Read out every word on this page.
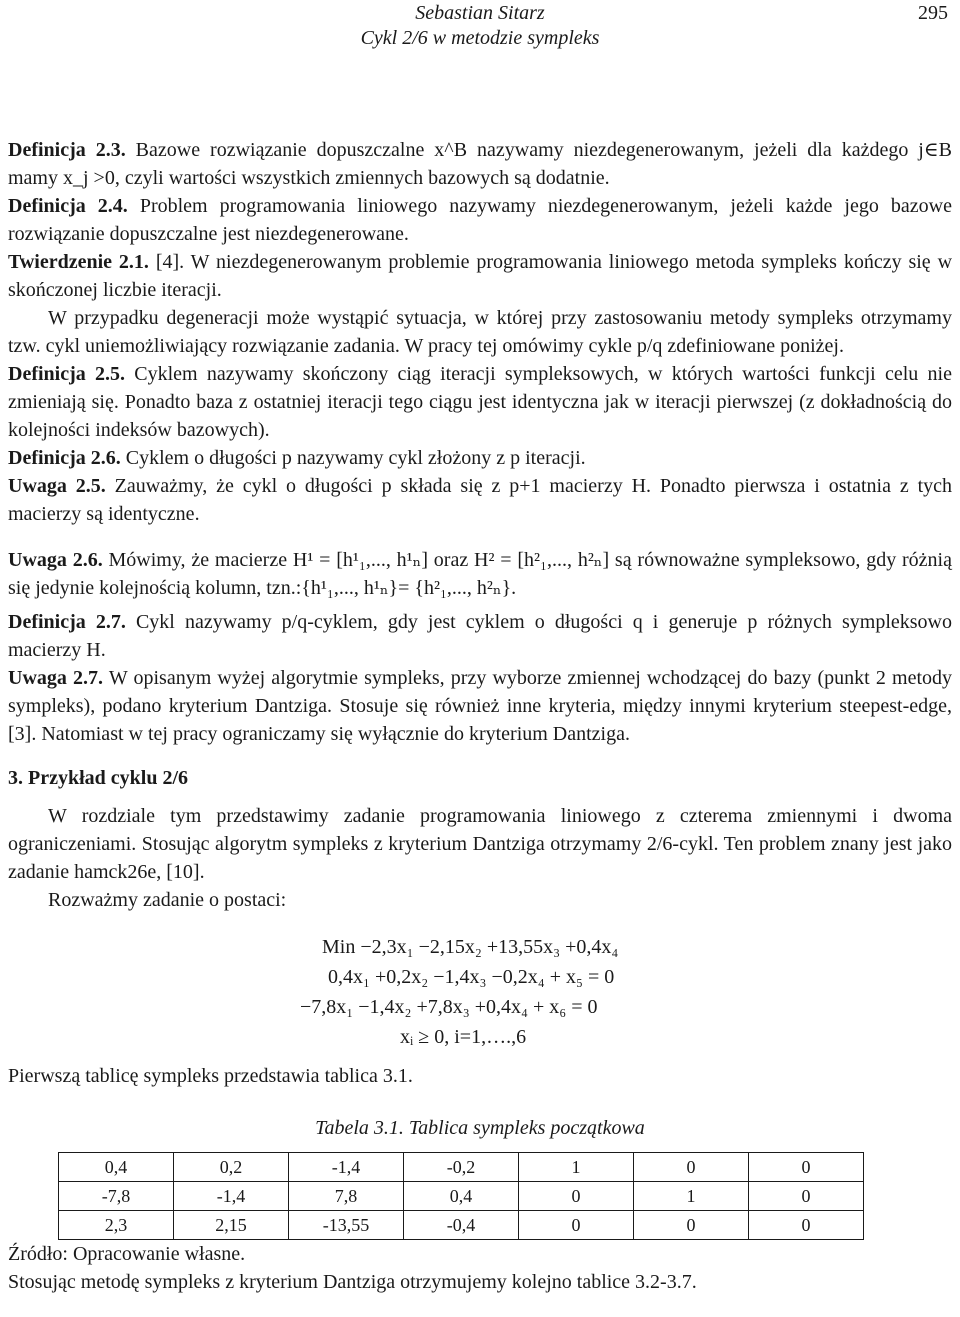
Sebastian Sitarz
Cykl 2/6 w metodzie sympleks
295

Definicja 2.3. Bazowe rozwiązanie dopuszczalne x^B nazywamy niezdegenerowanym, jeżeli dla każdego j∈B mamy x_j >0, czyli wartości wszystkich zmiennych bazowych są dodatnie.

Definicja 2.4. Problem programowania liniowego nazywamy niezdegenerowanym, jeżeli każde jego bazowe rozwiązanie dopuszczalne jest niezdegenerowane.

Twierdzenie 2.1. [4]. W niezdegenerowanym problemie programowania liniowego metoda sympleks kończy się w skończonej liczbie iteracji.

W przypadku degeneracji może wystąpić sytuacja, w której przy zastosowaniu metody sympleks otrzymamy tzw. cykl uniemożliwiający rozwiązanie zadania. W pracy tej omówimy cykle p/q zdefiniowane poniżej.

Definicja 2.5. Cyklem nazywamy skończony ciąg iteracji sympleksowych, w których wartości funkcji celu nie zmieniają się. Ponadto baza z ostatniej iteracji tego ciągu jest identyczna jak w iteracji pierwszej (z dokładnością do kolejności indeksów bazowych).

Definicja 2.6. Cyklem o długości p nazywamy cykl złożony z p iteracji.

Uwaga 2.5. Zauważmy, że cykl o długości p składa się z p+1 macierzy H. Ponadto pierwsza i ostatnia z tych macierzy są identyczne.

Uwaga 2.6. Mówimy, że macierze H¹ = [h¹₁,..., h¹ₙ] oraz H² = [h²₁,..., h²ₙ] są równoważne sympleksowo, gdy różnią się jedynie kolejnością kolumn, tzn.:{h¹₁,..., h¹ₙ}= {h²₁,..., h²ₙ}.

Definicja 2.7. Cykl nazywamy p/q-cyklem, gdy jest cyklem o długości q i generuje p różnych sympleksowo macierzy H.

Uwaga 2.7. W opisanym wyżej algorytmie sympleks, przy wyborze zmiennej wchodzącej do bazy (punkt 2 metody sympleks), podano kryterium Dantziga. Stosuje się również inne kryteria, między innymi kryterium steepest-edge, [3]. Natomiast w tej pracy ograniczamy się wyłącznie do kryterium Dantziga.

3. Przykład cyklu 2/6

W rozdziale tym przedstawimy zadanie programowania liniowego z czterema zmiennymi i dwoma ograniczeniami. Stosując algorytm sympleks z kryterium Dantziga otrzymamy 2/6-cykl. Ten problem znany jest jako zadanie hamck26e, [10].

Rozważmy zadanie o postaci:

Min −2,3x₁ −2,15x₂ +13,55x₃ +0,4x₄
0,4x₁ +0,2x₂ −1,4x₃ −0,2x₄ + x₅ = 0
−7,8x₁ −1,4x₂ +7,8x₃ +0,4x₄ + x₆ = 0
xᵢ ≥ 0, i=1,….,6

Pierwszą tablicę sympleks przedstawia tablica 3.1.

Tabela 3.1. Tablica sympleks początkowa
0,4	0,2	-1,4	-0,2	1	0	0
-7,8	-1,4	7,8	0,4	0	1	0
2,3	2,15	-13,55	-0,4	0	0	0

Źródło: Opracowanie własne.

Stosując metodę sympleks z kryterium Dantziga otrzymujemy kolejno tablice 3.2-3.7.
